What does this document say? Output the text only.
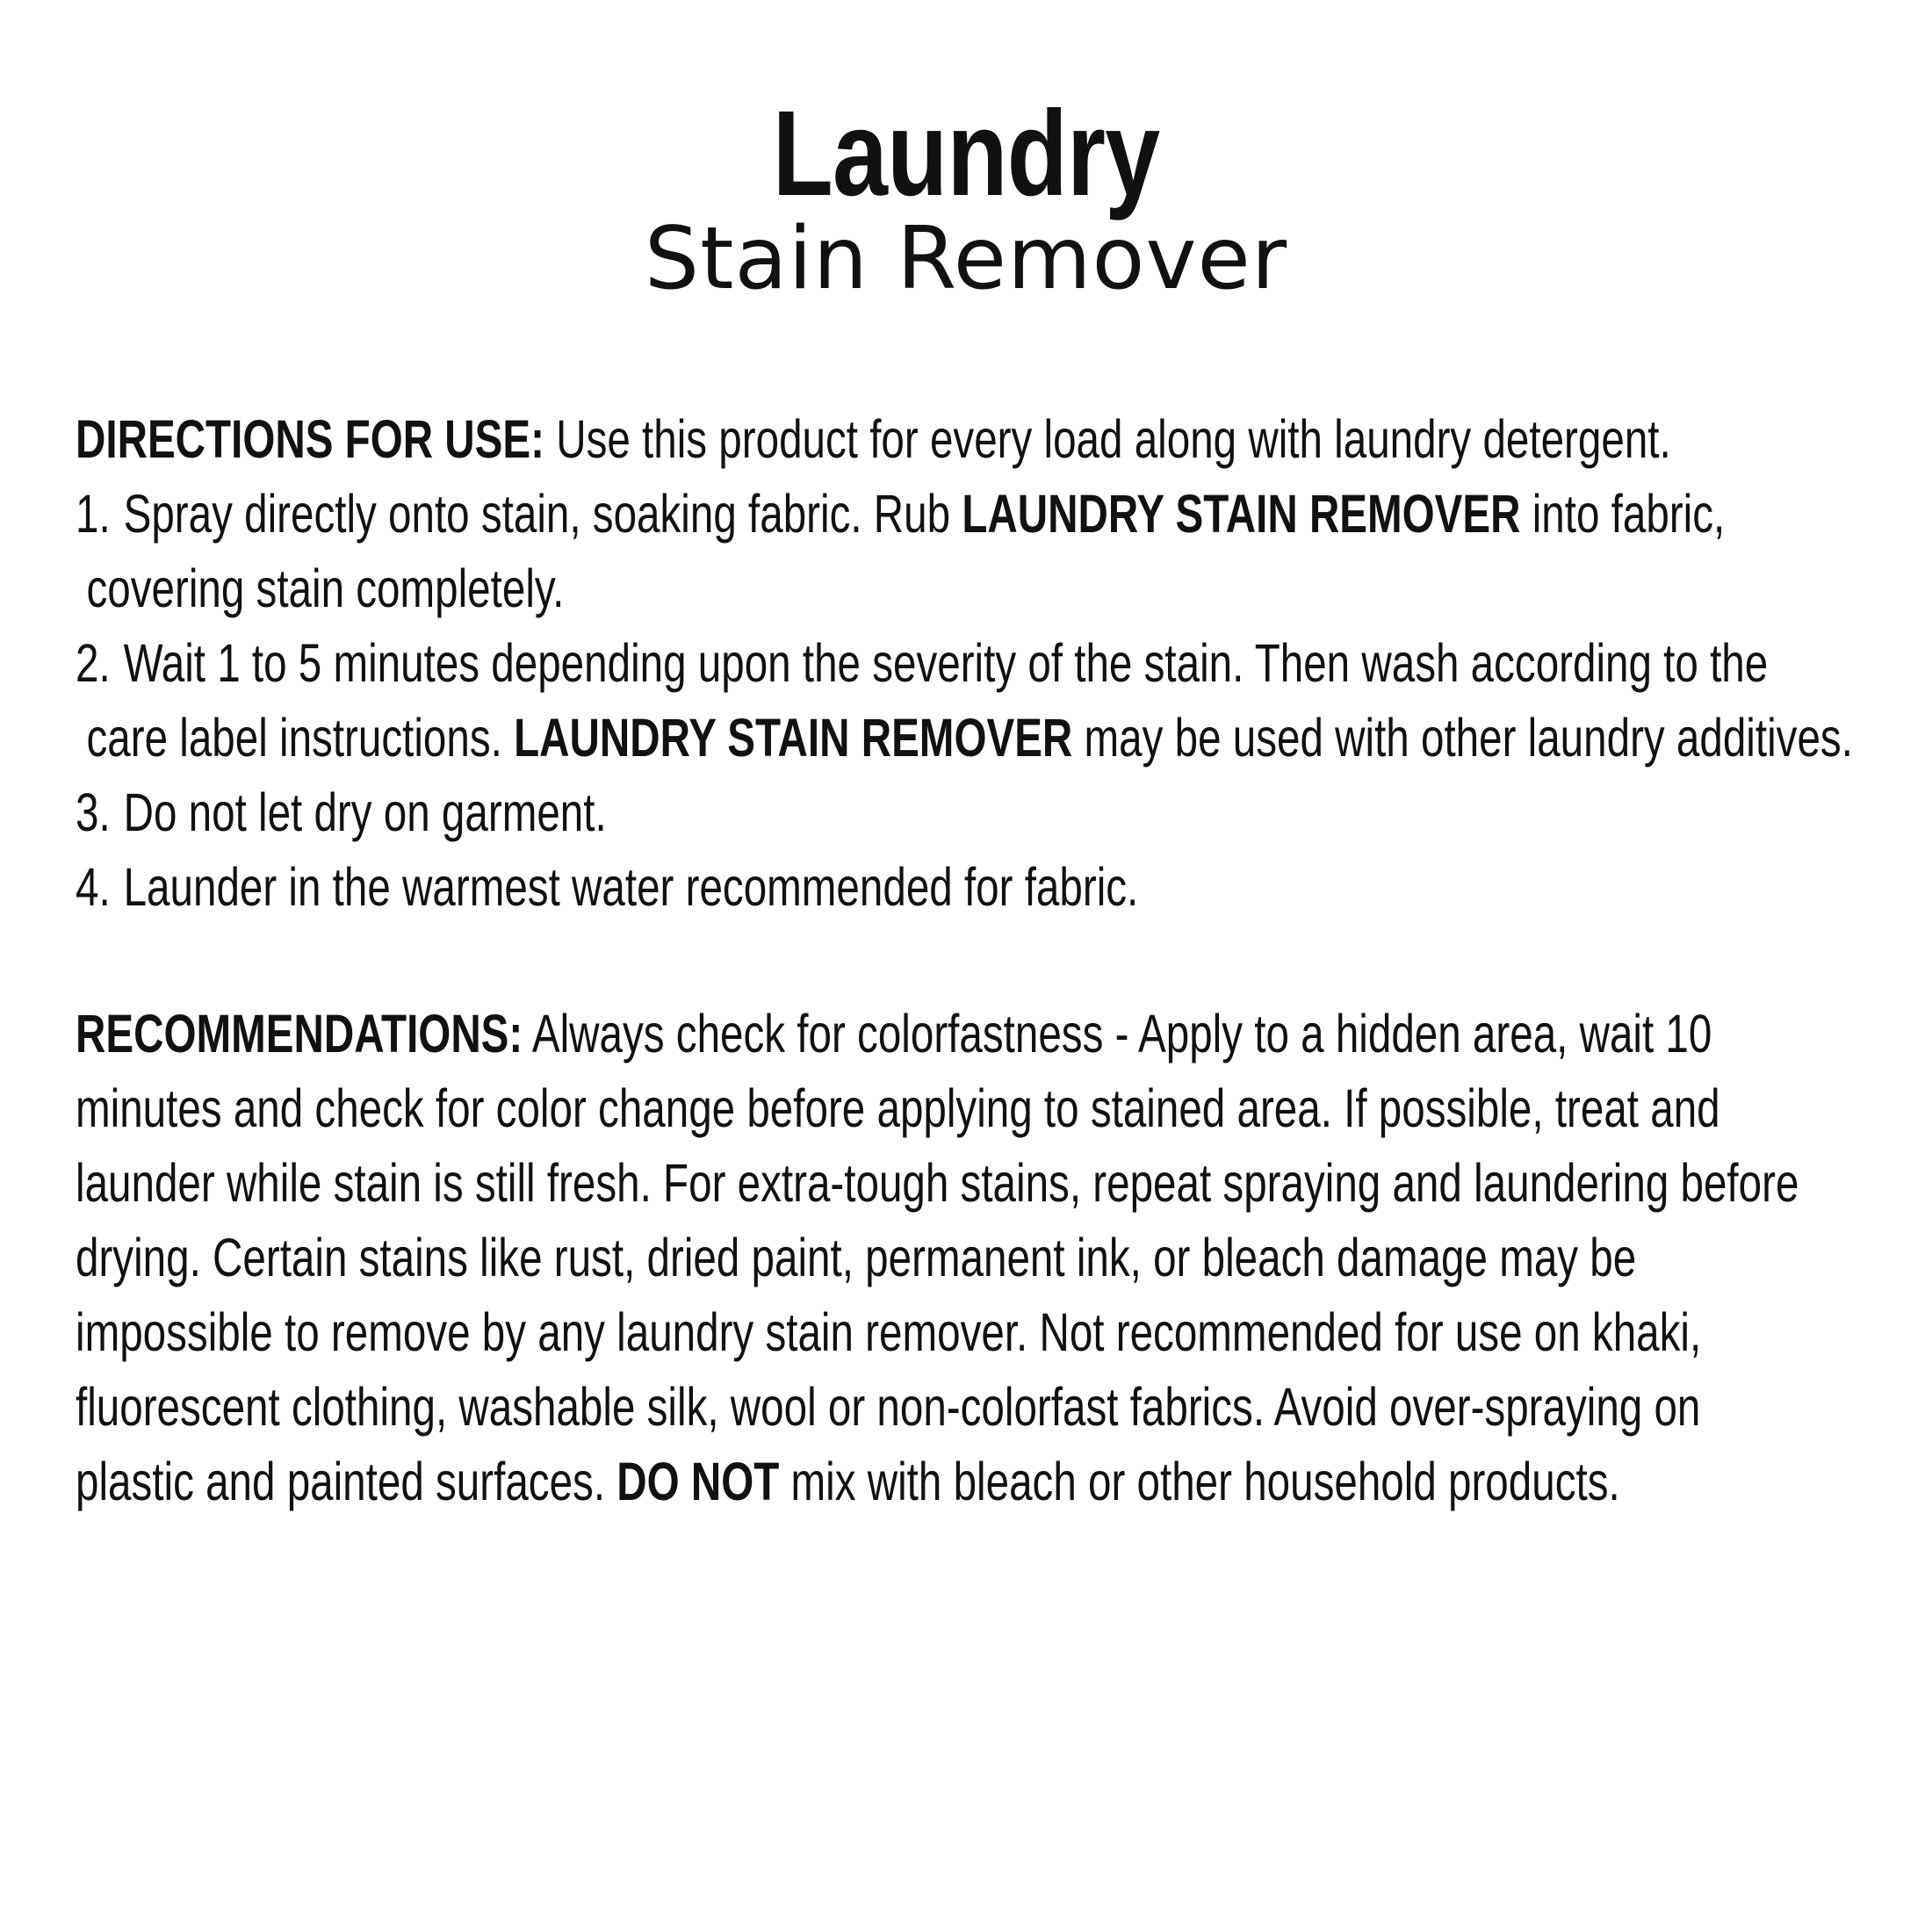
Laundry
Stain Remover
DIRECTIONS FOR USE: Use this product for every load along with laundry detergent.
1. Spray directly onto stain, soaking fabric. Rub LAUNDRY STAIN REMOVER into fabric,
covering stain completely.
2. Wait 1 to 5 minutes depending upon the severity of the stain. Then wash according to the
care label instructions. LAUNDRY STAIN REMOVER may be used with other laundry additives.
3. Do not let dry on garment.
4. Launder in the warmest water recommended for fabric.
RECOMMENDATIONS: Always check for colorfastness - Apply to a hidden area, wait 10
minutes and check for color change before applying to stained area. If possible, treat and
launder while stain is still fresh. For extra-tough stains, repeat spraying and laundering before
drying. Certain stains like rust, dried paint, permanent ink, or bleach damage may be
impossible to remove by any laundry stain remover. Not recommended for use on khaki,
fluorescent clothing, washable silk, wool or non-colorfast fabrics. Avoid over-spraying on
plastic and painted surfaces. DO NOT mix with bleach or other household products.
